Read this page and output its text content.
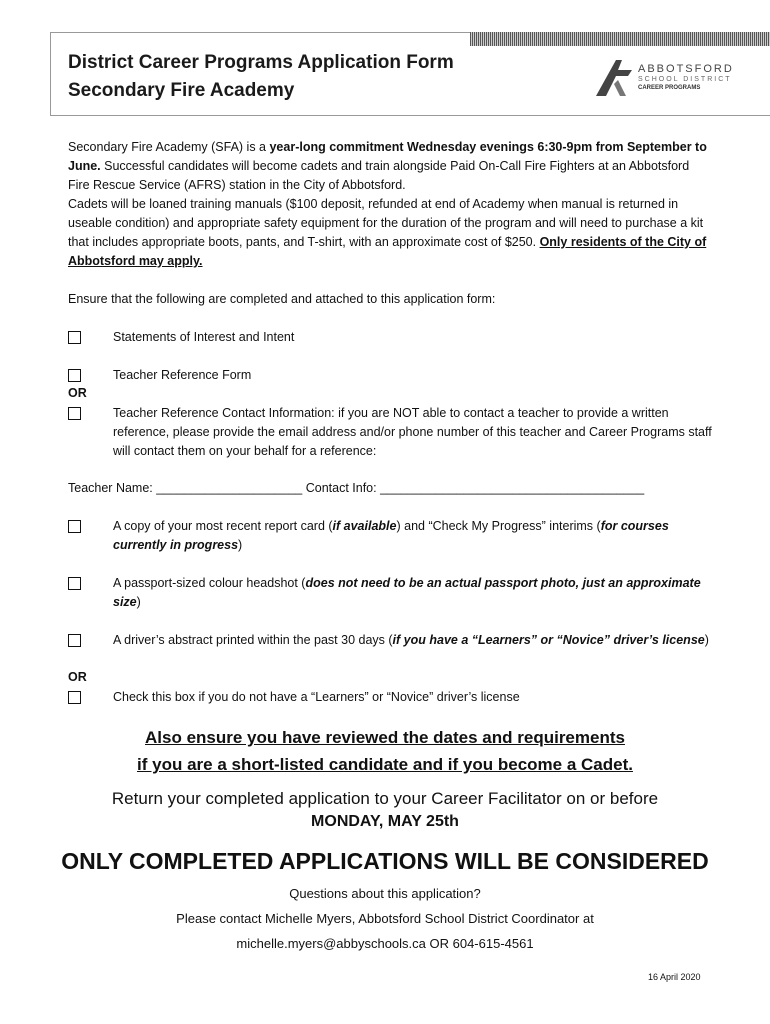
District Career Programs Application Form
Secondary Fire Academy
ABBOTSFORD
SCHOOL DISTRICT
CAREER PROGRAMS
Secondary Fire Academy (SFA) is a year-long commitment Wednesday evenings 6:30-9pm from September to June. Successful candidates will become cadets and train alongside Paid On-Call Fire Fighters at an Abbotsford Fire Rescue Service (AFRS) station in the City of Abbotsford.
Cadets will be loaned training manuals ($100 deposit, refunded at end of Academy when manual is returned in useable condition) and appropriate safety equipment for the duration of the program and will need to purchase a kit that includes appropriate boots, pants, and T-shirt, with an approximate cost of $250. Only residents of the City of Abbotsford may apply.
Ensure that the following are completed and attached to this application form:
Statements of Interest and Intent
Teacher Reference Form
OR
Teacher Reference Contact Information: if you are NOT able to contact a teacher to provide a written reference, please provide the email address and/or phone number of this teacher and Career Programs staff will contact them on your behalf for a reference:
Teacher Name: _____________________ Contact Info: ______________________________________
A copy of your most recent report card (if available) and “Check My Progress” interims (for courses currently in progress)
A passport-sized colour headshot (does not need to be an actual passport photo, just an approximate size)
A driver’s abstract printed within the past 30 days (if you have a “Learners” or “Novice” driver’s license)
OR
Check this box if you do not have a “Learners” or “Novice” driver’s license
Also ensure you have reviewed the dates and requirements
if you are a short-listed candidate and if you become a Cadet.
Return your completed application to your Career Facilitator on or before
MONDAY, MAY 25th
ONLY COMPLETED APPLICATIONS WILL BE CONSIDERED
Questions about this application?
Please contact Michelle Myers, Abbotsford School District Coordinator at
michelle.myers@abbyschools.ca OR 604-615-4561
16 April 2020
